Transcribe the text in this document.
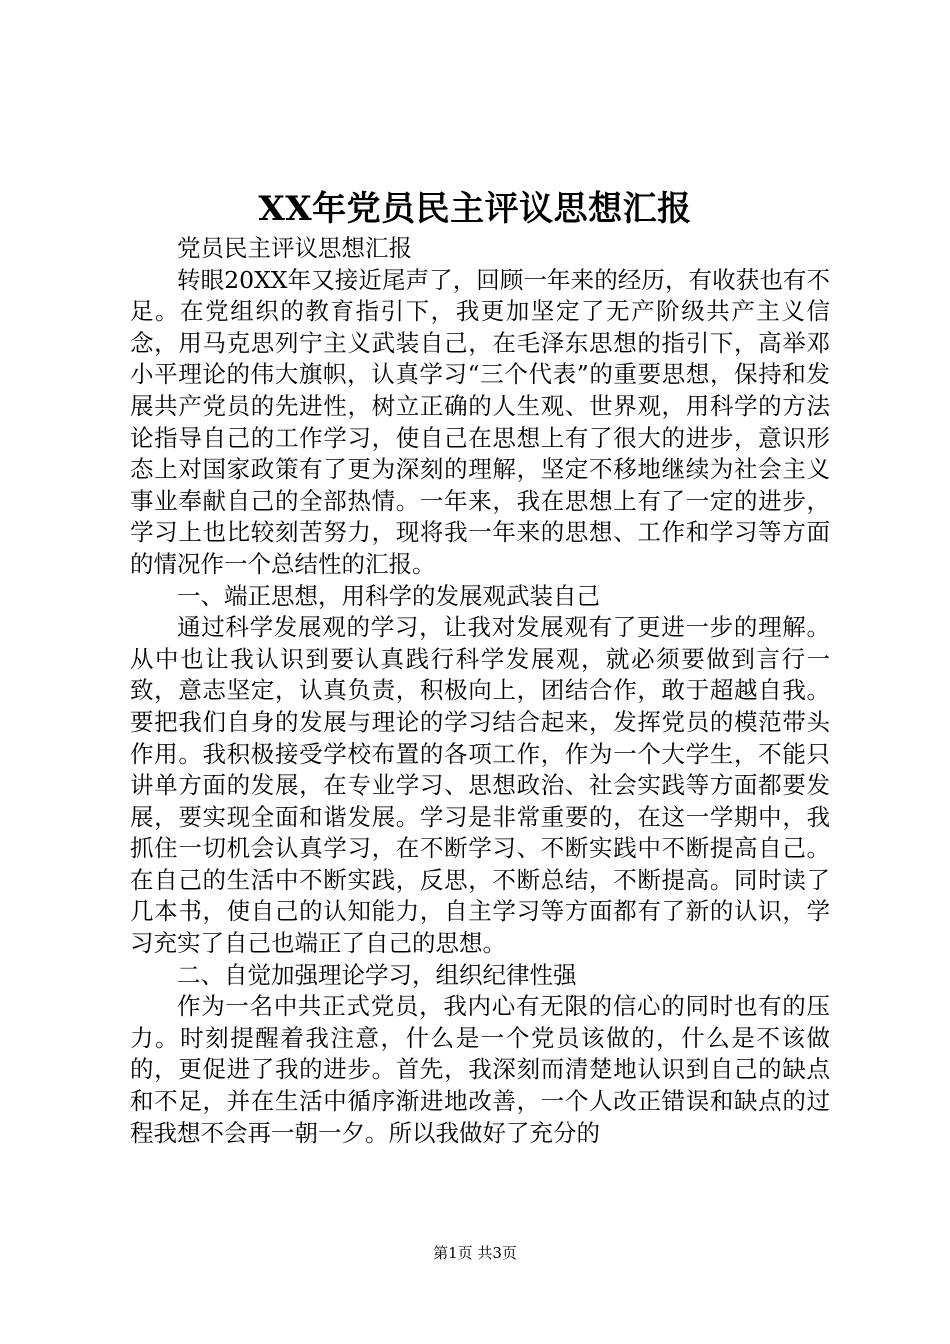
XX年党员民主评议思想汇报

党员民主评议思想汇报

转眼20XX年又接近尾声了，回顾一年来的经历，有收获也有不足。在党组织的教育指引下，我更加坚定了无产阶级共产主义信念，用马克思列宁主义武装自己，在毛泽东思想的指引下，高举邓小平理论的伟大旗帜，认真学习“三个代表”的重要思想，保持和发展共产党员的先进性，树立正确的人生观、世界观，用科学的方法论指导自己的工作学习，使自己在思想上有了很大的进步，意识形态上对国家政策有了更为深刻的理解，坚定不移地继续为社会主义事业奉献自己的全部热情。一年来，我在思想上有了一定的进步，学习上也比较刻苦努力，现将我一年来的思想、工作和学习等方面的情况作一个总结性的汇报。

一、端正思想，用科学的发展观武装自己

通过科学发展观的学习，让我对发展观有了更进一步的理解。从中也让我认识到要认真践行科学发展观，就必须要做到言行一致，意志坚定，认真负责，积极向上，团结合作，敢于超越自我。要把我们自身的发展与理论的学习结合起来，发挥党员的模范带头作用。我积极接受学校布置的各项工作，作为一个大学生，不能只讲单方面的发展，在专业学习、思想政治、社会实践等方面都要发展，要实现全面和谐发展。学习是非常重要的，在这一学期中，我抓住一切机会认真学习，在不断学习、不断实践中不断提高自己。在自己的生活中不断实践，反思，不断总结，不断提高。同时读了几本书，使自己的认知能力，自主学习等方面都有了新的认识，学习充实了自己也端正了自己的思想。

二、自觉加强理论学习，组织纪律性强

作为一名中共正式党员，我内心有无限的信心的同时也有的压力。时刻提醒着我注意，什么是一个党员该做的，什么是不该做的，更促进了我的进步。首先，我深刻而清楚地认识到自己的缺点和不足，并在生活中循序渐进地改善，一个人改正错误和缺点的过程我想不会再一朝一夕。所以我做好了充分的

第1页 共3页
